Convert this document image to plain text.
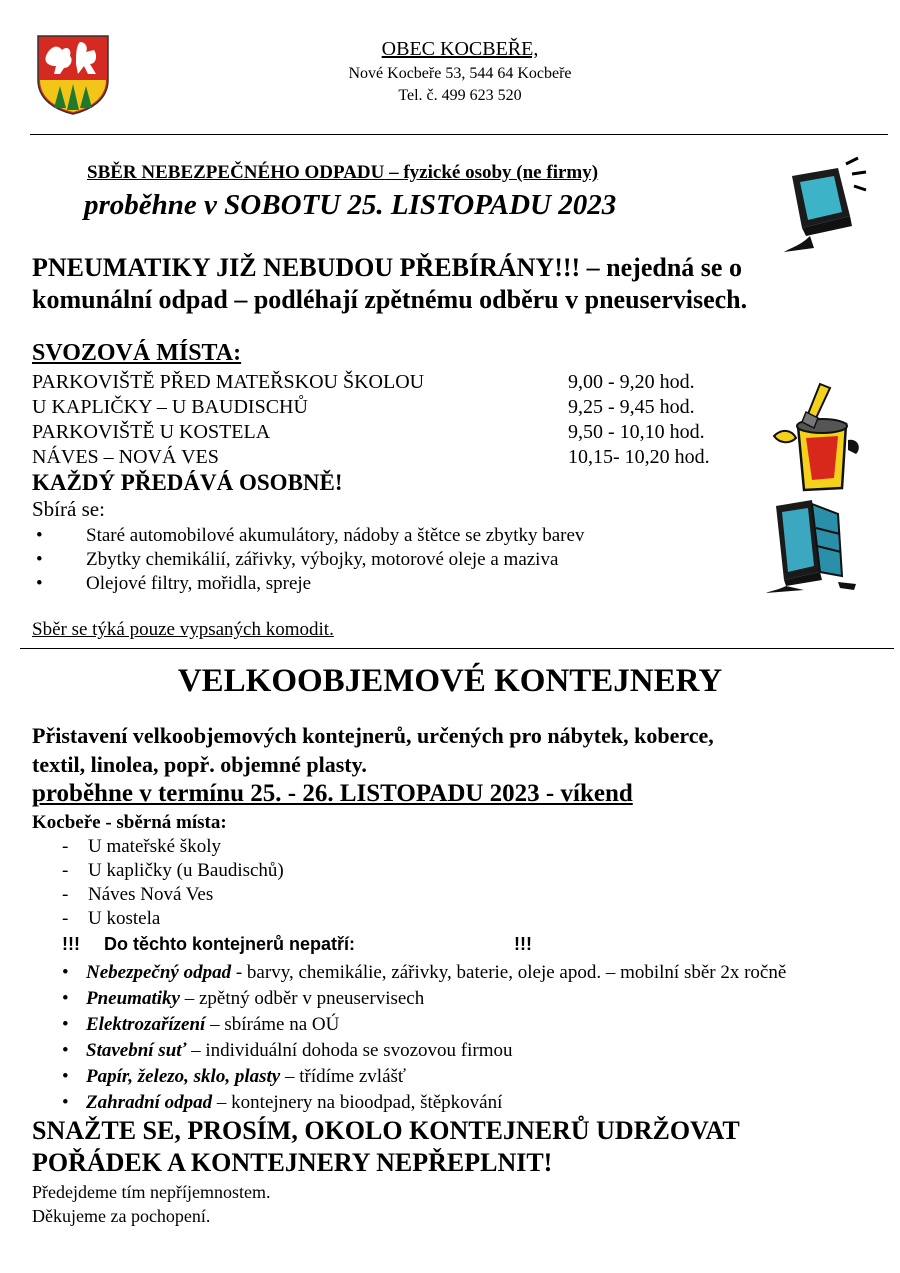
OBEC KOCBEŘE,
Nové Kocbeře 53, 544 64 Kocbeře
Tel. č. 499 623 520
SBĚR NEBEZPEČNÉHO ODPADU – fyzické osoby (ne firmy)
proběhne v SOBOTU 25. LISTOPADU 2023
PNEUMATIKY JIŽ NEBUDOU PŘEBÍRÁNY!!! – nejedná se o
komunální odpad – podléhají zpětnému odběru v pneuservisech.
SVOZOVÁ MÍSTA:
PARKOVIŠTĚ PŘED MATEŘSKOU ŠKOLOU	9,00 - 9,20 hod.
U KAPLIČKY – U BAUDISCHŮ	9,25 - 9,45 hod.
PARKOVIŠTĚ U KOSTELA	9,50 - 10,10 hod.
NÁVES – NOVÁ VES	10,15- 10,20 hod.
KAŽDÝ PŘEDÁVÁ OSOBNĚ!
Sbírá se:
• Staré automobilové akumulátory, nádoby a štětce se zbytky barev
• Zbytky chemikálií, zářivky, výbojky, motorové oleje a maziva
• Olejové filtry, mořidla, spreje
Sběr se týká pouze vypsaných komodit.
VELKOOBJEMOVÉ KONTEJNERY
Přistavení velkoobjemových kontejnerů, určených pro nábytek, koberce,
textil, linolea, popř. objemné plasty.
proběhne v termínu 25. - 26. LISTOPADU 2023 - víkend
Kocbeře - sběrná místa:
- U mateřské školy
- U kapličky (u Baudischů)
- Náves Nová Ves
- U kostela
!!! Do těchto kontejnerů nepatří:	!!!
• Nebezpečný odpad - barvy, chemikálie, zářivky, baterie, oleje apod. – mobilní sběr 2x ročně
• Pneumatiky – zpětný odběr v pneuservisech
• Elektrozařízení – sbíráme na OÚ
• Stavební suť – individuální dohoda se svozovou firmou
• Papír, železo, sklo, plasty – třídíme zvlášť
• Zahradní odpad – kontejnery na bioodpad, štěpkování
SNAŽTE SE, PROSÍM, OKOLO KONTEJNERŮ UDRŽOVAT
POŘÁDEK A KONTEJNERY NEPŘEPLNIT!
Předejdeme tím nepříjemnostem.
Děkujeme za pochopení.
